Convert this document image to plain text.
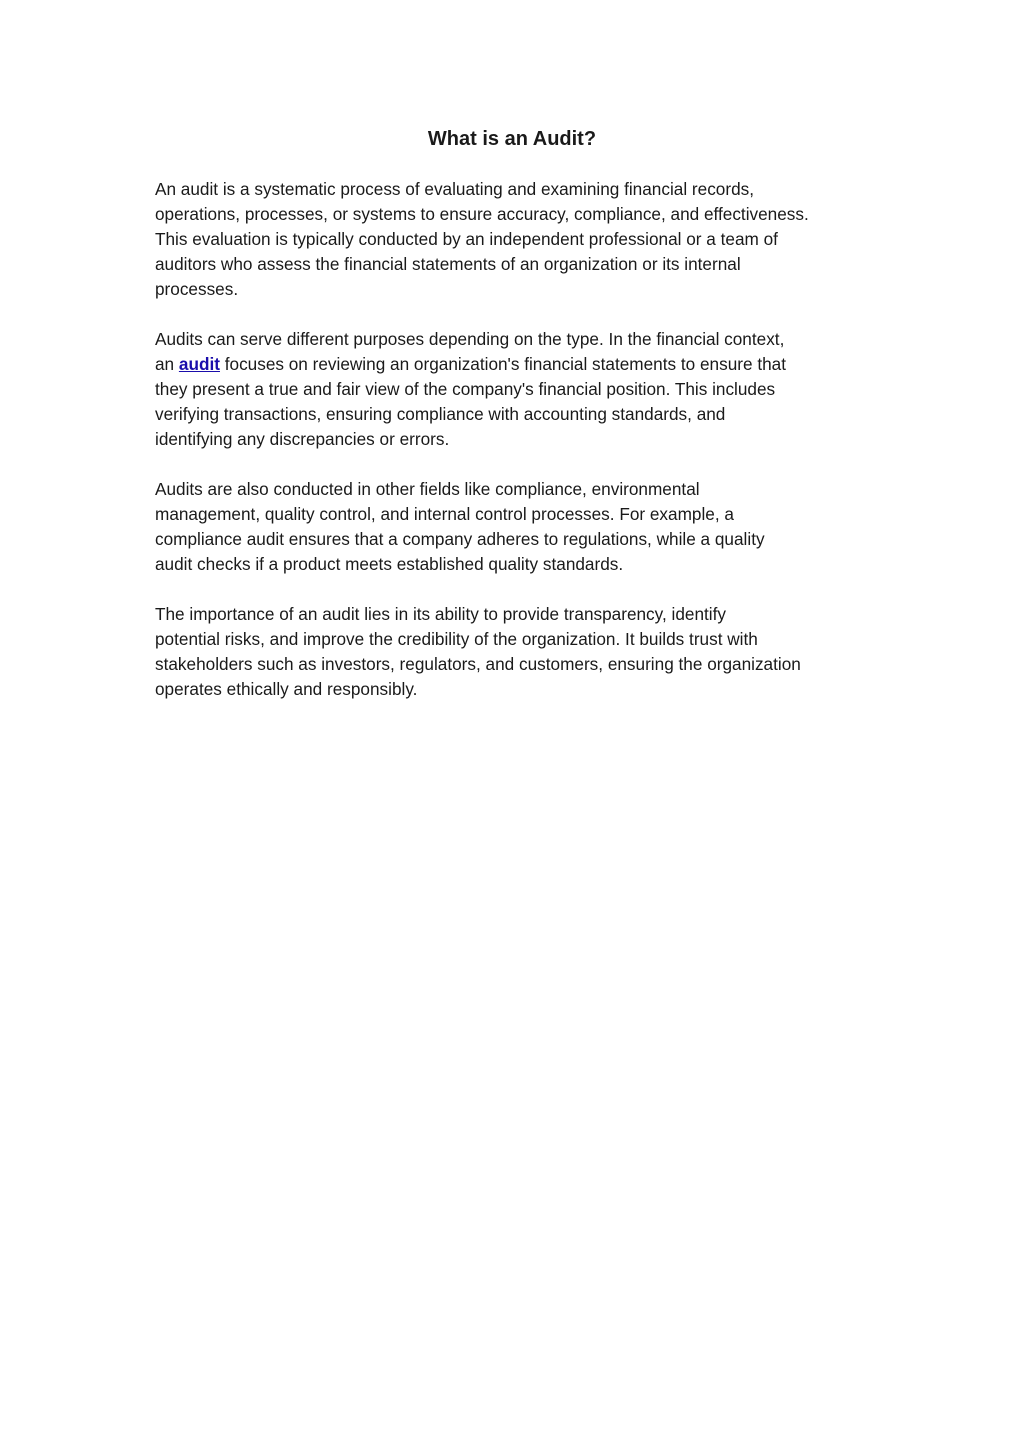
What is an Audit?

An audit is a systematic process of evaluating and examining financial records,
operations, processes, or systems to ensure accuracy, compliance, and effectiveness.
This evaluation is typically conducted by an independent professional or a team of
auditors who assess the financial statements of an organization or its internal
processes.

Audits can serve different purposes depending on the type. In the financial context,
an audit focuses on reviewing an organization's financial statements to ensure that
they present a true and fair view of the company's financial position. This includes
verifying transactions, ensuring compliance with accounting standards, and
identifying any discrepancies or errors.

Audits are also conducted in other fields like compliance, environmental
management, quality control, and internal control processes. For example, a
compliance audit ensures that a company adheres to regulations, while a quality
audit checks if a product meets established quality standards.

The importance of an audit lies in its ability to provide transparency, identify
potential risks, and improve the credibility of the organization. It builds trust with
stakeholders such as investors, regulators, and customers, ensuring the organization
operates ethically and responsibly.
